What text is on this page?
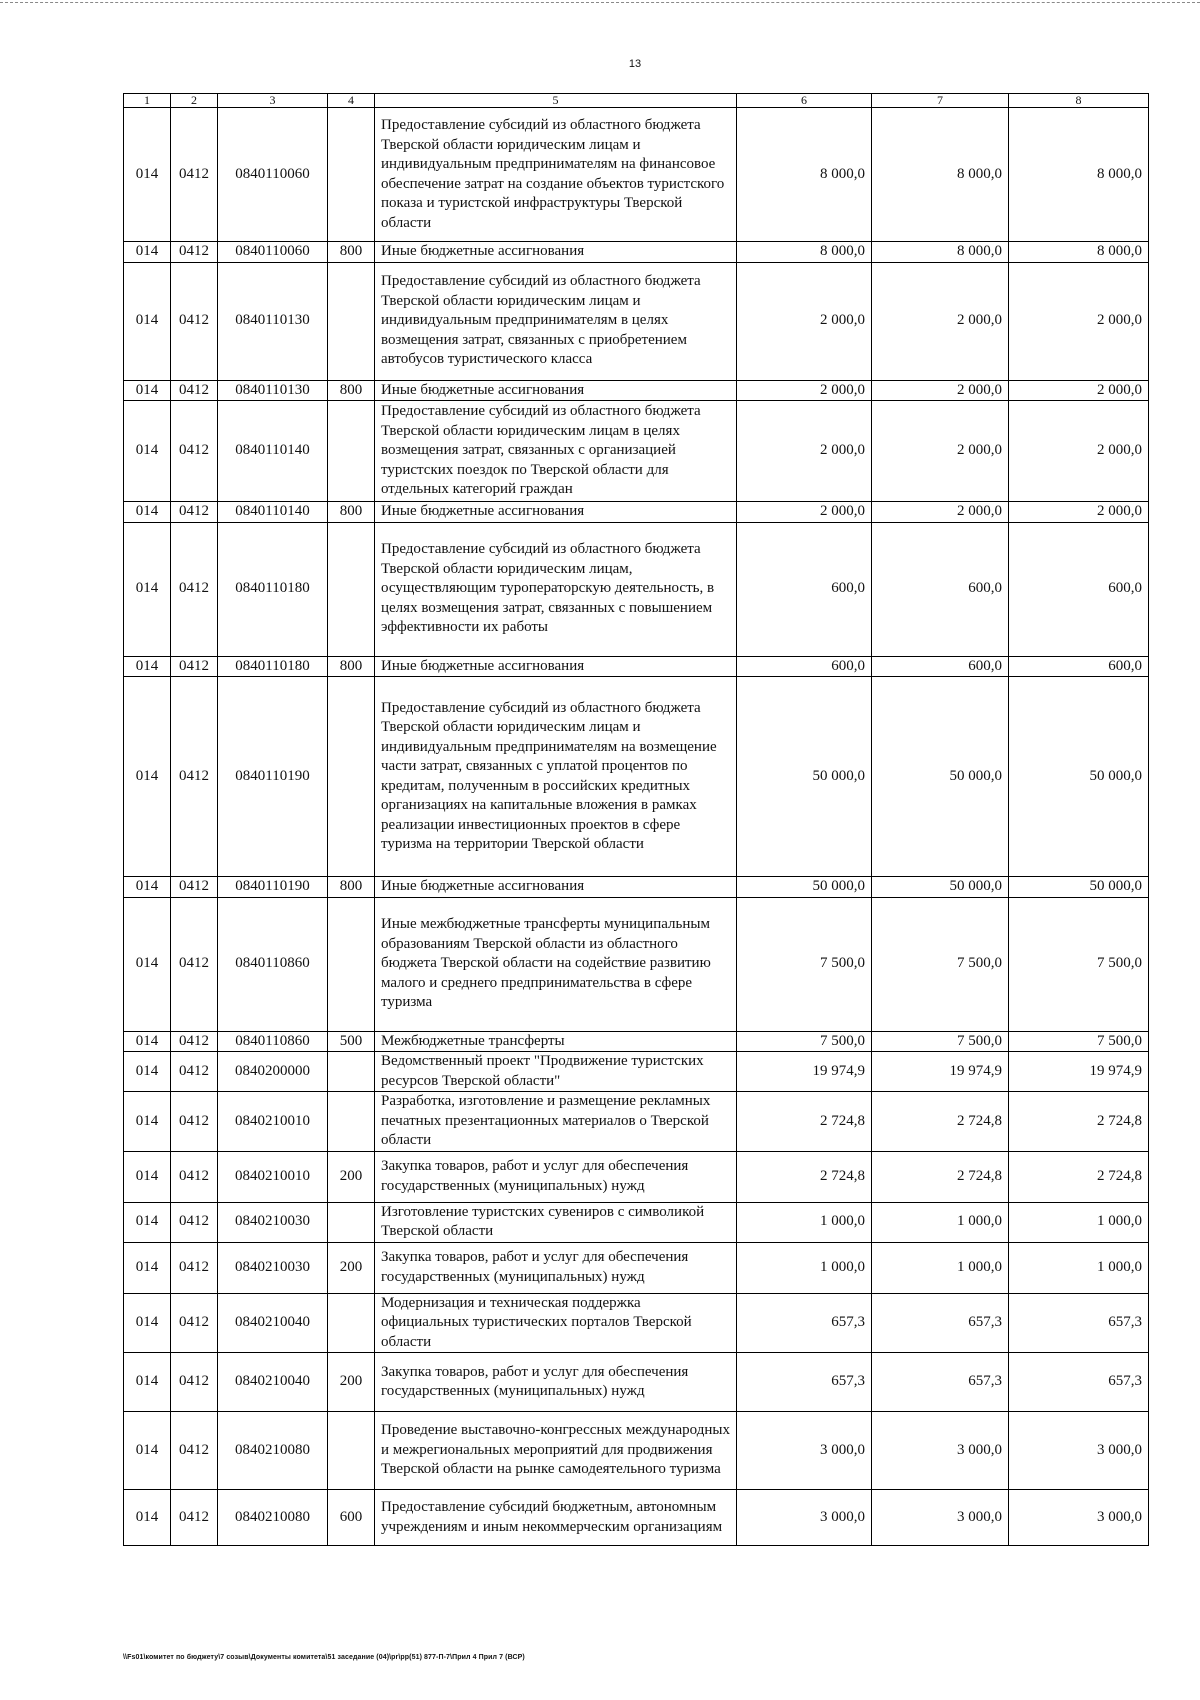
13
1	2	3	4	5	6	7	8
014	0412	0840110060		Предоставление субсидий из областного бюджета Тверской области юридическим лицам и индивидуальным предпринимателям на финансовое обеспечение затрат на создание объектов туристского показа и туристской инфраструктуры Тверской области	8 000,0	8 000,0	8 000,0
014	0412	0840110060	800	Иные бюджетные ассигнования	8 000,0	8 000,0	8 000,0
014	0412	0840110130		Предоставление субсидий из областного бюджета Тверской области юридическим лицам и индивидуальным предпринимателям в целях возмещения затрат, связанных с приобретением автобусов туристического класса	2 000,0	2 000,0	2 000,0
014	0412	0840110130	800	Иные бюджетные ассигнования	2 000,0	2 000,0	2 000,0
014	0412	0840110140		Предоставление субсидий из областного бюджета Тверской области юридическим лицам в целях возмещения затрат, связанных с организацией туристских поездок по Тверской области для отдельных категорий граждан	2 000,0	2 000,0	2 000,0
014	0412	0840110140	800	Иные бюджетные ассигнования	2 000,0	2 000,0	2 000,0
014	0412	0840110180		Предоставление субсидий из областного бюджета Тверской области юридическим лицам, осуществляющим туроператорскую деятельность, в целях возмещения затрат, связанных с повышением эффективности их работы	600,0	600,0	600,0
014	0412	0840110180	800	Иные бюджетные ассигнования	600,0	600,0	600,0
014	0412	0840110190		Предоставление субсидий из областного бюджета Тверской области юридическим лицам и индивидуальным предпринимателям на возмещение части затрат, связанных с уплатой процентов по кредитам, полученным в российских кредитных организациях на капитальные вложения в рамках реализации инвестиционных проектов в сфере туризма на территории Тверской области	50 000,0	50 000,0	50 000,0
014	0412	0840110190	800	Иные бюджетные ассигнования	50 000,0	50 000,0	50 000,0
014	0412	0840110860		Иные межбюджетные трансферты муниципальным образованиям Тверской области из областного бюджета Тверской области на содействие развитию малого и среднего предпринимательства в сфере туризма	7 500,0	7 500,0	7 500,0
014	0412	0840110860	500	Межбюджетные трансферты	7 500,0	7 500,0	7 500,0
014	0412	0840200000		Ведомственный проект "Продвижение туристских ресурсов Тверской области"	19 974,9	19 974,9	19 974,9
014	0412	0840210010		Разработка, изготовление и размещение рекламных печатных презентационных материалов о Тверской области	2 724,8	2 724,8	2 724,8
014	0412	0840210010	200	Закупка товаров, работ и услуг для обеспечения государственных (муниципальных) нужд	2 724,8	2 724,8	2 724,8
014	0412	0840210030		Изготовление туристских сувениров с символикой Тверской области	1 000,0	1 000,0	1 000,0
014	0412	0840210030	200	Закупка товаров, работ и услуг для обеспечения государственных (муниципальных) нужд	1 000,0	1 000,0	1 000,0
014	0412	0840210040		Модернизация и техническая поддержка официальных туристических порталов Тверской области	657,3	657,3	657,3
014	0412	0840210040	200	Закупка товаров, работ и услуг для обеспечения государственных (муниципальных) нужд	657,3	657,3	657,3
014	0412	0840210080		Проведение выставочно-конгрессных международных и межрегиональных мероприятий для продвижения Тверской области на рынке самодеятельного туризма	3 000,0	3 000,0	3 000,0
014	0412	0840210080	600	Предоставление субсидий бюджетным, автономным учреждениям и иным некоммерческим организациям	3 000,0	3 000,0	3 000,0
\\Fs01\комитет по бюджету\7 созыв\Документы комитета\51 заседание (04)\pr\рр(51) 877-П-7\Прил 4 Прил 7 (ВСР)
